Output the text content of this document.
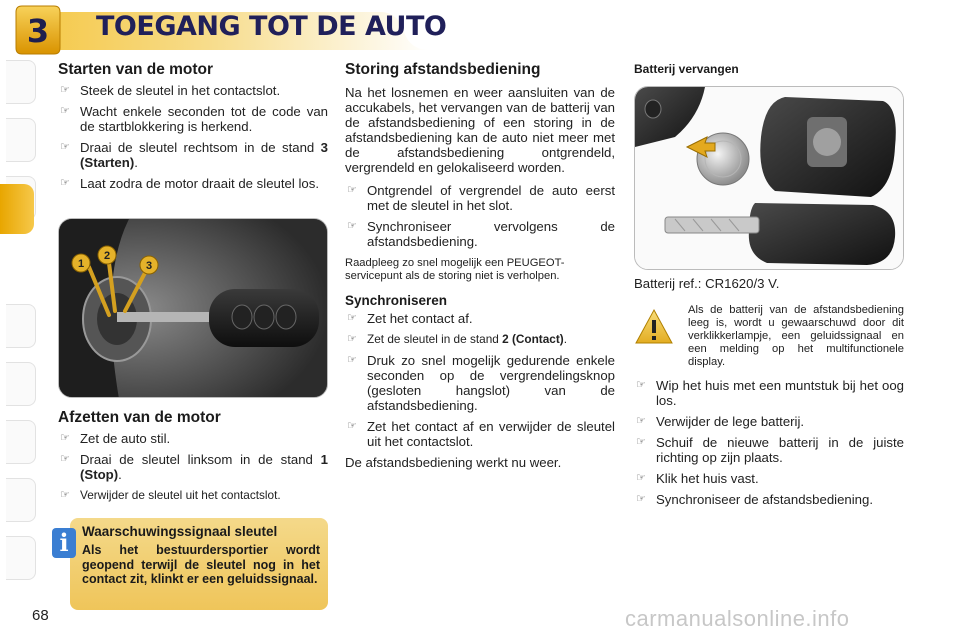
3 TOEGANG TOT DE AUTO
Starten van de motor
☞ Steek de sleutel in het contactslot.
☞ Wacht enkele seconden tot de code van de startblokkering is herkend.
☞ Draai de sleutel rechtsom in de stand 3 (Starten).
☞ Laat zodra de motor draait de sleutel los.
1
2
3
Afzetten van de motor
☞ Zet de auto stil.
☞ Draai de sleutel linksom in de stand 1 (Stop).
☞ Verwijder de sleutel uit het contactslot.
Waarschuwingssignaal sleutel
Als het bestuurdersportier wordt geopend terwijl de sleutel nog in het contact zit, klinkt er een geluidssignaal.
i
Storing afstandsbediening
Na het losnemen en weer aansluiten van de accukabels, het vervangen van de batterij van de afstandsbediening of een storing in de afstandsbediening kan de auto niet meer met de afstandsbediening ontgrendeld, vergrendeld en gelokaliseerd worden.
☞ Ontgrendel of vergrendel de auto eerst met de sleutel in het slot.
☞ Synchroniseer vervolgens de afstandsbediening.
Raadpleeg zo snel mogelijk een PEUGEOT-servicepunt als de storing niet is verholpen.
Synchroniseren
☞ Zet het contact af.
☞ Zet de sleutel in de stand 2 (Contact).
☞ Druk zo snel mogelijk gedurende enkele seconden op de vergrendelingsknop (gesloten hangslot) van de afstandsbediening.
☞ Zet het contact af en verwijder de sleutel uit het contactslot.
De afstandsbediening werkt nu weer.
Batterij vervangen
Batterij ref.: CR1620/3 V.
Als de batterij van de afstandsbediening leeg is, wordt u gewaarschuwd door dit verklikkerlampje, een geluidssignaal en een melding op het multifunctionele display.
☞ Wip het huis met een muntstuk bij het oog los.
☞ Verwijder de lege batterij.
☞ Schuif de nieuwe batterij in de juiste richting op zijn plaats.
☞ Klik het huis vast.
☞ Synchroniseer de afstandsbediening.
68	carmanualsonline.info
